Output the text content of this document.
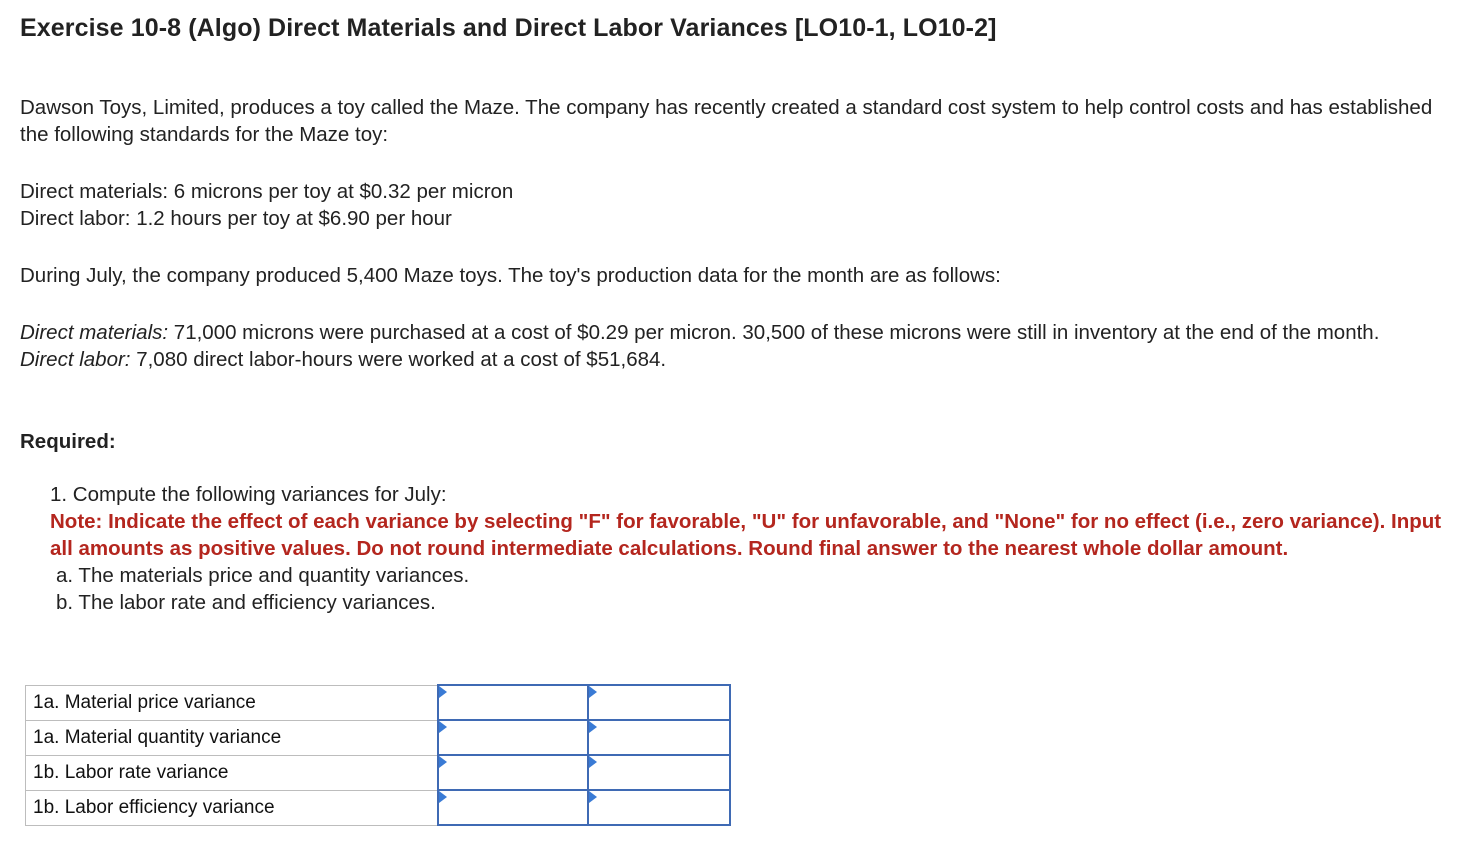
Exercise 10-8 (Algo) Direct Materials and Direct Labor Variances [LO10-1, LO10-2]

Dawson Toys, Limited, produces a toy called the Maze. The company has recently created a standard cost system to help control costs and has established the following standards for the Maze toy:

Direct materials: 6 microns per toy at $0.32 per micron
Direct labor: 1.2 hours per toy at $6.90 per hour

During July, the company produced 5,400 Maze toys. The toy's production data for the month are as follows:

Direct materials: 71,000 microns were purchased at a cost of $0.29 per micron. 30,500 of these microns were still in inventory at the end of the month.
Direct labor: 7,080 direct labor-hours were worked at a cost of $51,684.
Required:

1. Compute the following variances for July:

Note: Indicate the effect of each variance by selecting "F" for favorable, "U" for unfavorable, and "None" for no effect (i.e., zero variance). Input all amounts as positive values. Do not round intermediate calculations. Round final answer to the nearest whole dollar amount.

a. The materials price and quantity variances.

b. The labor rate and efficiency variances.

1a. Material price variance	

1a. Material quantity variance	

1b. Labor rate variance	

1b. Labor efficiency variance	
